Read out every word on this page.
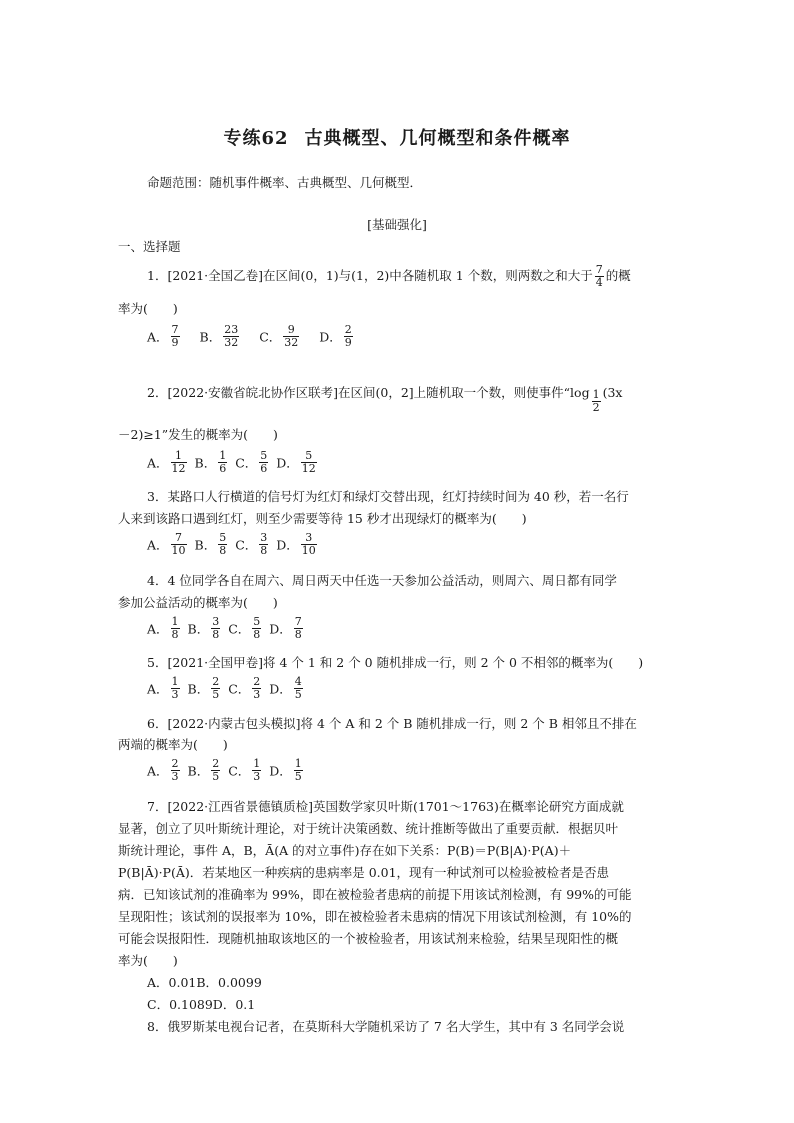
专练62 古典概型、几何概型和条件概率
命题范围：随机事件概率、古典概型、几何概型．
[基础强化]
一、选择题
1．[2021·全国乙卷]在区间(0，1)与(1，2)中各随机取 1 个数，则两数之和大于 $\frac{7}{4}$ 的概
率为(　　)
A． $\frac{7}{9}$ B． $\frac{23}{32}$ C． $\frac{9}{32}$ D． $\frac{2}{9}$
2．[2022·安徽省皖北协作区联考]在区间(0，2]上随机取一个数，则使事件“$\log \frac{1}{2} (3x$
－2)≥1”发生的概率为(　　)
A． $\frac{1}{12}$ B． $\frac{1}{6}$ C． $\frac{5}{6}$ D． $\frac{5}{12}$
3．某路口人行横道的信号灯为红灯和绿灯交替出现，红灯持续时间为 40 秒，若一名行
人来到该路口遇到红灯，则至少需要等待 15 秒才出现绿灯的概率为(　　)
A． $\frac{7}{10}$ B． $\frac{5}{8}$ C． $\frac{3}{8}$ D． $\frac{3}{10}$
4．4 位同学各自在周六、周日两天中任选一天参加公益活动，则周六、周日都有同学
参加公益活动的概率为(　　)
A． $\frac{1}{8}$ B． $\frac{3}{8}$ C． $\frac{5}{8}$ D． $\frac{7}{8}$
5．[2021·全国甲卷]将 4 个 1 和 2 个 0 随机排成一行，则 2 个 0 不相邻的概率为(　　)
A． $\frac{1}{3}$ B． $\frac{2}{5}$ C． $\frac{2}{3}$ D． $\frac{4}{5}$
6．[2022·内蒙古包头模拟]将 4 个 A 和 2 个 B 随机排成一行，则 2 个 B 相邻且不排在
两端的概率为(　　)
A． $\frac{2}{3}$ B． $\frac{2}{5}$ C． $\frac{1}{3}$ D． $\frac{1}{5}$
7．[2022·江西省景德镇质检]英国数学家贝叶斯(1701～1763)在概率论研究方面成就
显著，创立了贝叶斯统计理论，对于统计决策函数、统计推断等做出了重要贡献．根据贝叶
斯统计理论，事件 A，B，Ā(A 的对立事件)存在如下关系：P(B)＝P(B|A)·P(A)＋
P(B|Ā)·P(Ā)．若某地区一种疾病的患病率是 0.01，现有一种试剂可以检验被检者是否患
病．已知该试剂的准确率为 99%，即在被检验者患病的前提下用该试剂检测，有 99%的可能
呈现阳性；该试剂的误报率为 10%，即在被检验者未患病的情况下用该试剂检测，有 10%的
可能会误报阳性．现随机抽取该地区的一个被检验者，用该试剂来检验，结果呈现阳性的概
率为(　　)
A．0.01B．0.0099
C．0.1089D．0.1
8．俄罗斯某电视台记者，在莫斯科大学随机采访了 7 名大学生，其中有 3 名同学会说
